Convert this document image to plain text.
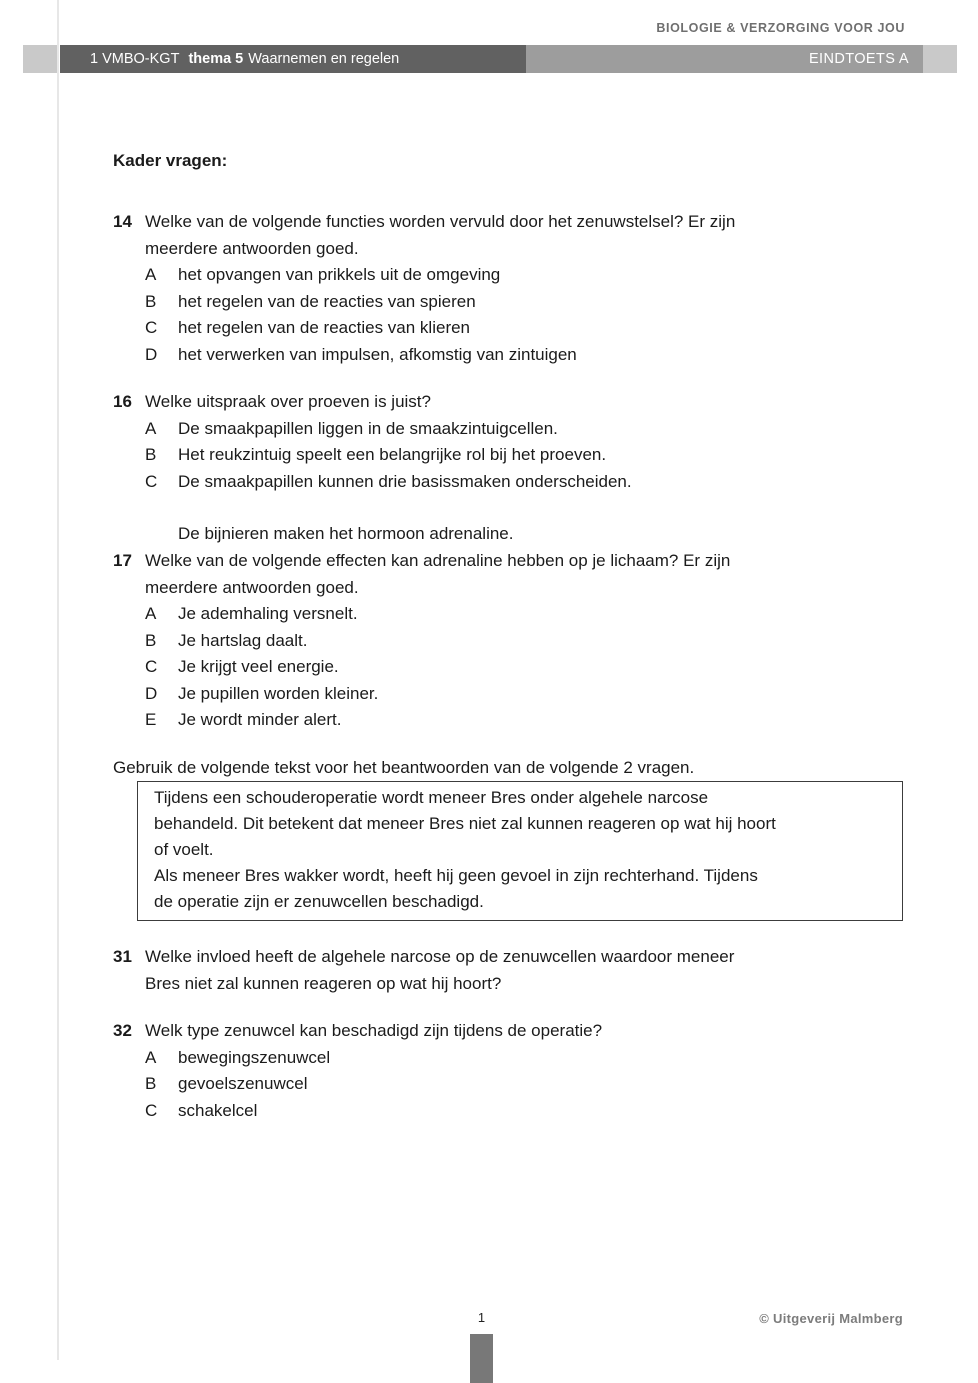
BIOLOGIE & VERZORGING VOOR JOU
1 VMBO-KGT thema 5 Waarnemen en regelen	EINDTOETS A
Kader vragen:
14 Welke van de volgende functies worden vervuld door het zenuwstelsel? Er zijn
meerdere antwoorden goed.
A	het opvangen van prikkels uit de omgeving
B	het regelen van de reacties van spieren
C	het regelen van de reacties van klieren
D	het verwerken van impulsen, afkomstig van zintuigen
16 Welke uitspraak over proeven is juist?
A	De smaakpapillen liggen in de smaakzintuigcellen.
B	Het reukzintuig speelt een belangrijke rol bij het proeven.
C	De smaakpapillen kunnen drie basissmaken onderscheiden.
De bijnieren maken het hormoon adrenaline.
17 Welke van de volgende effecten kan adrenaline hebben op je lichaam? Er zijn
meerdere antwoorden goed.
A	Je ademhaling versnelt.
B	Je hartslag daalt.
C	Je krijgt veel energie.
D	Je pupillen worden kleiner.
E	Je wordt minder alert.
Gebruik de volgende tekst voor het beantwoorden van de volgende 2 vragen.
Tijdens een schouderoperatie wordt meneer Bres onder algehele narcose
behandeld. Dit betekent dat meneer Bres niet zal kunnen reageren op wat hij hoort
of voelt.
Als meneer Bres wakker wordt, heeft hij geen gevoel in zijn rechterhand. Tijdens
de operatie zijn er zenuwcellen beschadigd.
31 Welke invloed heeft de algehele narcose op de zenuwcellen waardoor meneer
Bres niet zal kunnen reageren op wat hij hoort?
32 Welk type zenuwcel kan beschadigd zijn tijdens de operatie?
A	bewegingszenuwcel
B	gevoelszenuwcel
C	schakelcel
1	© Uitgeverij Malmberg
